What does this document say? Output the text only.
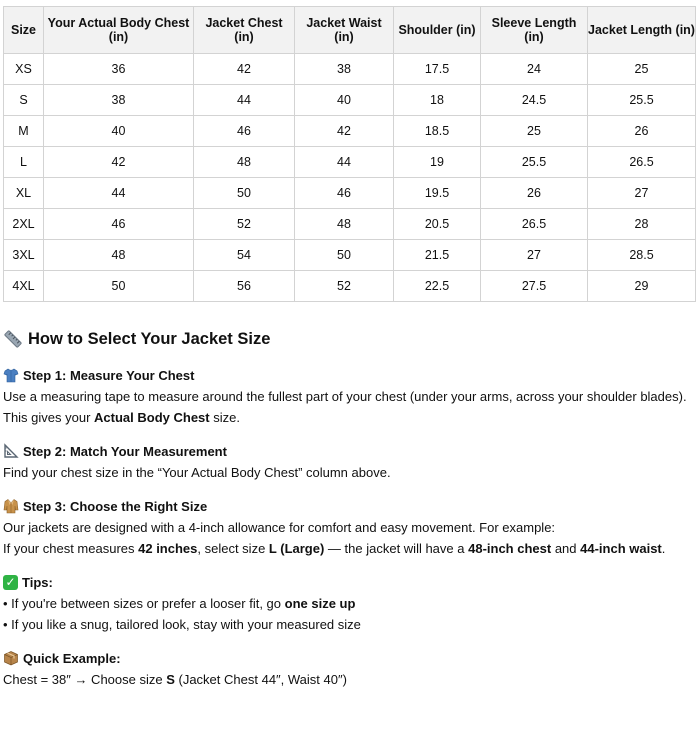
Size	Your Actual Body Chest (in)	Jacket Chest (in)	Jacket Waist (in)	Shoulder (in)	Sleeve Length (in)	Jacket Length (in)
XS	36	42	38	17.5	24	25
S	38	44	40	18	24.5	25.5
M	40	46	42	18.5	25	26
L	42	48	44	19	25.5	26.5
XL	44	50	46	19.5	26	27
2XL	46	52	48	20.5	26.5	28
3XL	48	54	50	21.5	27	28.5
4XL	50	56	52	22.5	27.5	29
How to Select Your Jacket Size
Step 1: Measure Your Chest

Use a measuring tape to measure around the fullest part of your chest (under your arms, across your shoulder blades).

This gives your Actual Body Chest size.

Step 2: Match Your Measurement

Find your chest size in the “Your Actual Body Chest” column above.

Step 3: Choose the Right Size

Our jackets are designed with a 4-inch allowance for comfort and easy movement. For example:

If your chest measures 42 inches, select size L (Large) — the jacket will have a 48-inch chest and 44-inch waist.

✓ Tips:

• If you're between sizes or prefer a looser fit, go one size up

• If you like a snug, tailored look, stay with your measured size

Quick Example:

Chest = 38″ → Choose size S (Jacket Chest 44″, Waist 40″)
